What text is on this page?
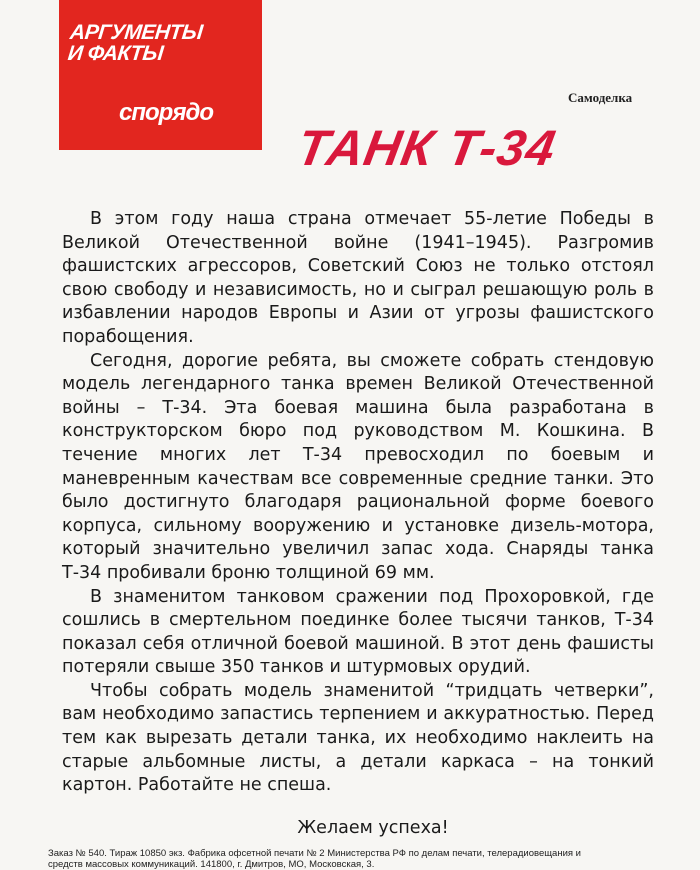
АРГУМЕНТЫ
И ФАКТЫ
спорядо
Самоделка
ТАНК Т-34

В этом году наша страна отмечает 55-летие Победы в Великой Отечественной войне (1941–1945). Разгромив фашистских агрессоров, Советский Союз не только отстоял свою свободу и независимость, но и сыграл решающую роль в избавлении народов Европы и Азии от угрозы фашистского порабощения.

Сегодня, дорогие ребята, вы сможете собрать стендовую модель легендарного танка времен Великой Отечественной войны – Т-34. Эта боевая машина была разработана в конструкторском бюро под руководством М. Кошкина. В течение многих лет Т-34 превосходил по боевым и маневренным качествам все современные средние танки. Это было достигнуто благодаря рациональной форме боевого корпуса, сильному вооружению и установке дизель-мотора, который значительно увеличил запас хода. Снаряды танка Т-34 пробивали броню толщиной 69 мм.

В знаменитом танковом сражении под Прохоровкой, где сошлись в смертельном поединке более тысячи танков, Т-34 показал себя отличной боевой машиной. В этот день фашисты потеряли свыше 350 танков и штурмовых орудий.

Чтобы собрать модель знаменитой “тридцать четверки”, вам необходимо запастись терпением и аккуратностью. Перед тем как вырезать детали танка, их необходимо наклеить на старые альбомные листы, а детали каркаса – на тонкий картон. Работайте не спеша.

Желаем успеха!
Заказ № 540. Тираж 10850 экз. Фабрика офсетной печати № 2 Министерства РФ по делам печати, телерадиовещания и
средств массовых коммуникаций. 141800, г. Дмитров, МО, Московская, 3.
